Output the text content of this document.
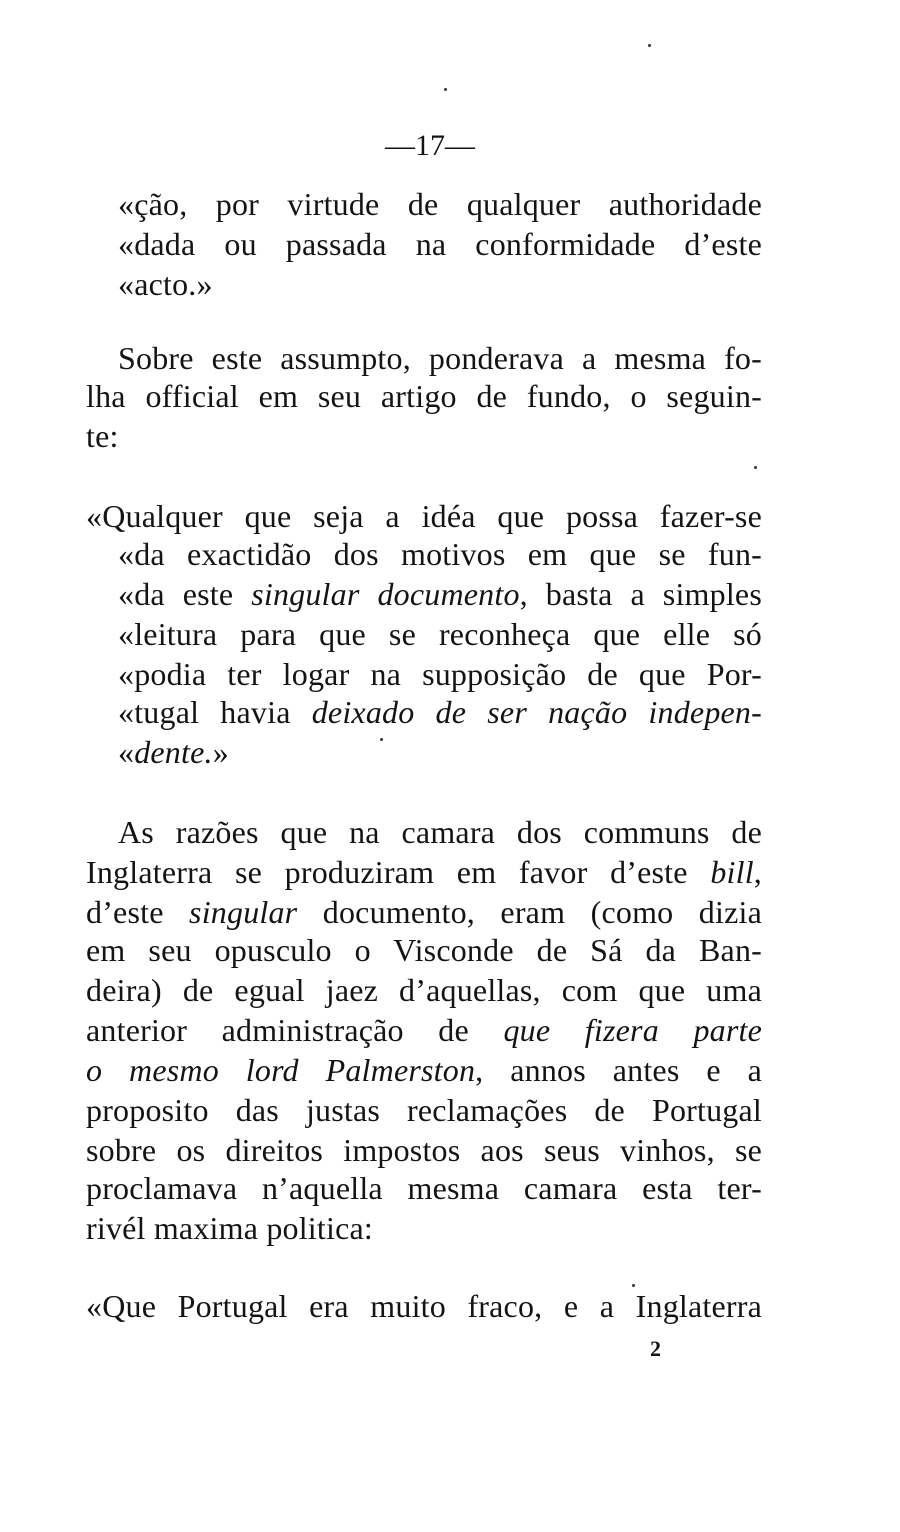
—17—
«ção, por virtude de qualquer authoridade
«dada ou passada na conformidade d’este
«acto.»
Sobre este assumpto, ponderava a mesma fo-
lha official em seu artigo de fundo, o seguin-
te:
«Qualquer que seja a idéa que possa fazer-se
«da exactidão dos motivos em que se fun-
«da este singular documento, basta a simples
«leitura para que se reconheça que elle só
«podia ter logar na supposição de que Por-
«tugal havia deixado de ser nação indepen-
«dente.»
As razões que na camara dos communs de
Inglaterra se produziram em favor d’este bill,
d’este singular documento, eram (como dizia
em seu opusculo o Visconde de Sá da Ban-
deira) de egual jaez d’aquellas, com que uma
anterior administração de que fizera parte
o mesmo lord Palmerston, annos antes e a
proposito das justas reclamações de Portugal
sobre os direitos impostos aos seus vinhos, se
proclamava n’aquella mesma camara esta ter-
rivél maxima politica:
«Que Portugal era muito fraco, e a Inglaterra
2
